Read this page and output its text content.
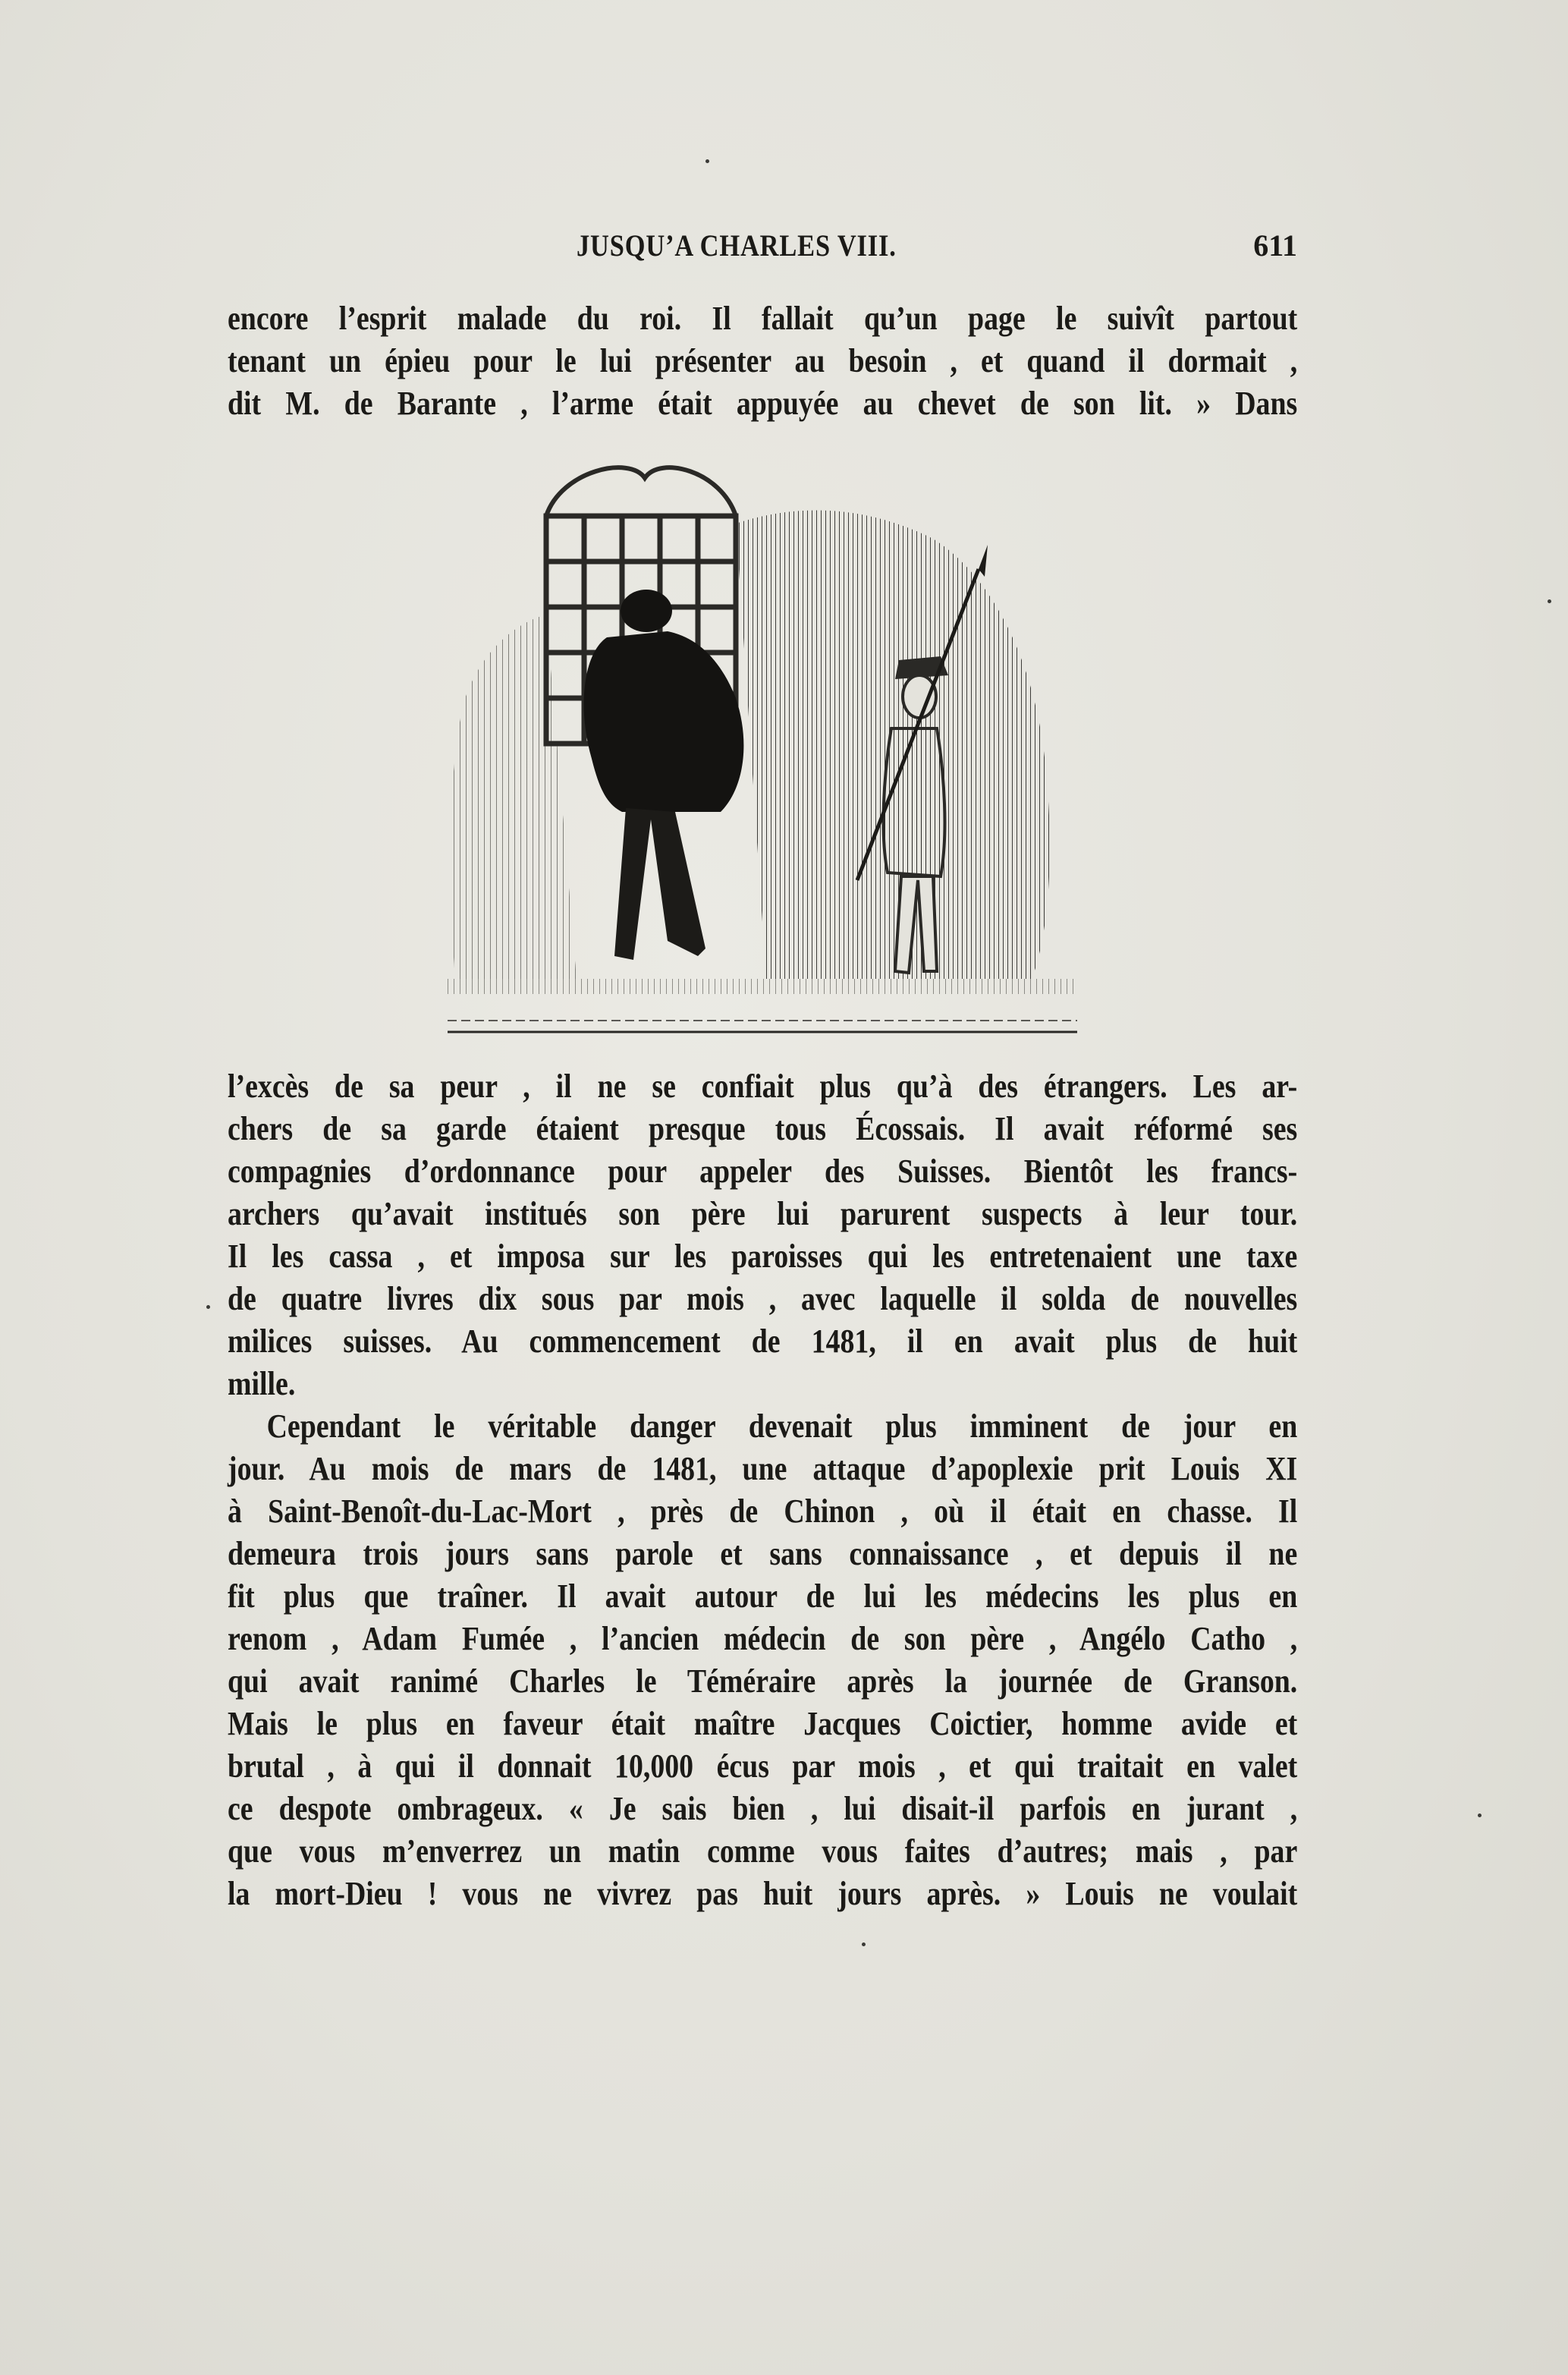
JUSQU’A CHARLES VIII.	611
encore l’esprit malade du roi. Il fallait qu’un page le suivît partout
tenant un épieu pour le lui présenter au besoin , et quand il dormait ,
dit M. de Barante , l’arme était appuyée au chevet de son lit. » Dans
l’excès de sa peur , il ne se confiait plus qu’à des étrangers. Les ar-
chers de sa garde étaient presque tous Écossais. Il avait réformé ses
compagnies d’ordonnance pour appeler des Suisses. Bientôt les francs-
archers qu’avait institués son père lui parurent suspects à leur tour.
Il les cassa , et imposa sur les paroisses qui les entretenaient une taxe
de quatre livres dix sous par mois , avec laquelle il solda de nouvelles
milices suisses. Au commencement de 1481, il en avait plus de huit
mille.
Cependant le véritable danger devenait plus imminent de jour en
jour. Au mois de mars de 1481, une attaque d’apoplexie prit Louis XI
à Saint-Benoît-du-Lac-Mort , près de Chinon , où il était en chasse. Il
demeura trois jours sans parole et sans connaissance , et depuis il ne
fit plus que traîner. Il avait autour de lui les médecins les plus en
renom , Adam Fumée , l’ancien médecin de son père , Angélo Catho ,
qui avait ranimé Charles le Téméraire après la journée de Granson.
Mais le plus en faveur était maître Jacques Coictier, homme avide et
brutal , à qui il donnait 10,000 écus par mois , et qui traitait en valet
ce despote ombrageux. « Je sais bien , lui disait-il parfois en jurant ,
que vous m’enverrez un matin comme vous faites d’autres; mais , par
la mort-Dieu ! vous ne vivrez pas huit jours après. » Louis ne voulait
